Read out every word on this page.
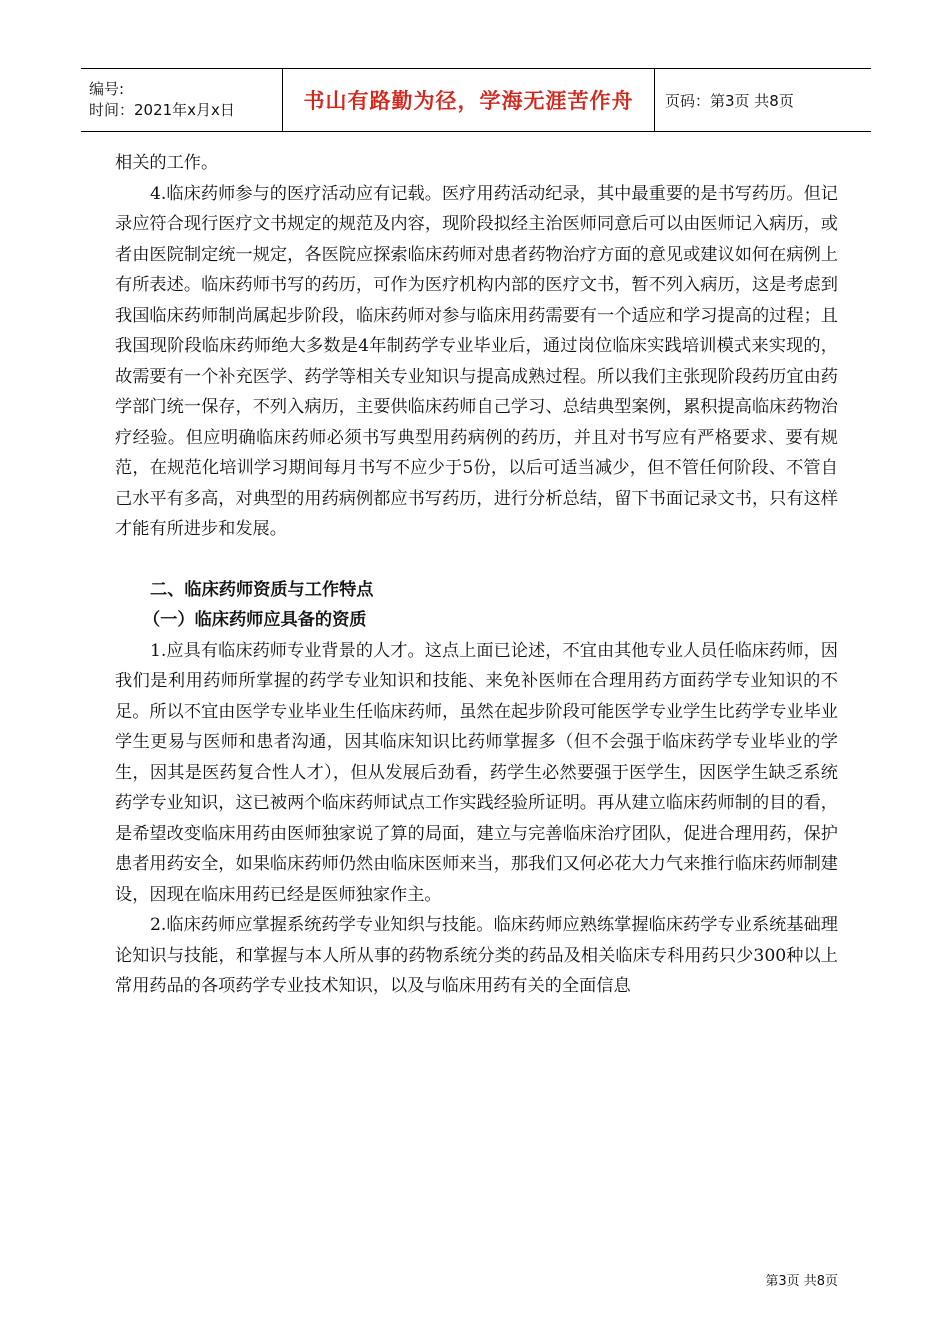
编号:
时间：2021年x月x日	书山有路勤为径，学海无涯苦作舟 页码：第3页 共8页

相关的工作。

4.临床药师参与的医疗活动应有记载。医疗用药活动纪录，其中最重要的是书写药历。但记录应符合现行医疗文书规定的规范及内容，现阶段拟经主治医师同意后可以由医师记入病历，或者由医院制定统一规定，各医院应探索临床药师对患者药物治疗方面的意见或建议如何在病例上有所表述。临床药师书写的药历，可作为医疗机构内部的医疗文书，暂不列入病历，这是考虑到我国临床药师制尚属起步阶段，临床药师对参与临床用药需要有一个适应和学习提高的过程；且我国现阶段临床药师绝大多数是4年制药学专业毕业后，通过岗位临床实践培训模式来实现的，故需要有一个补充医学、药学等相关专业知识与提高成熟过程。所以我们主张现阶段药历宜由药学部门统一保存，不列入病历，主要供临床药师自己学习、总结典型案例，累积提高临床药物治疗经验。但应明确临床药师必须书写典型用药病例的药历，并且对书写应有严格要求、要有规范，在规范化培训学习期间每月书写不应少于5份，以后可适当减少，但不管任何阶段、不管自己水平有多高，对典型的用药病例都应书写药历，进行分析总结，留下书面记录文书，只有这样才能有所进步和发展。

二、临床药师资质与工作特点

（一）临床药师应具备的资质

1.应具有临床药师专业背景的人才。这点上面已论述，不宜由其他专业人员任临床药师，因我们是利用药师所掌握的药学专业知识和技能、来免补医师在合理用药方面药学专业知识的不足。所以不宜由医学专业毕业生任临床药师，虽然在起步阶段可能医学专业学生比药学专业毕业学生更易与医师和患者沟通，因其临床知识比药师掌握多（但不会强于临床药学专业毕业的学生，因其是医药复合性人才），但从发展后劲看，药学生必然要强于医学生，因医学生缺乏系统药学专业知识，这已被两个临床药师试点工作实践经验所证明。再从建立临床药师制的目的看，是希望改变临床用药由医师独家说了算的局面，建立与完善临床治疗团队，促进合理用药，保护患者用药安全，如果临床药师仍然由临床医师来当，那我们又何必花大力气来推行临床药师制建设，因现在临床用药已经是医师独家作主。

2.临床药师应掌握系统药学专业知织与技能。临床药师应熟练掌握临床药学专业系统基础理论知识与技能，和掌握与本人所从事的药物系统分类的药品及相关临床专科用药只少300种以上常用药品的各项药学专业技术知识，以及与临床用药有关的全面信息

第3页 共8页
